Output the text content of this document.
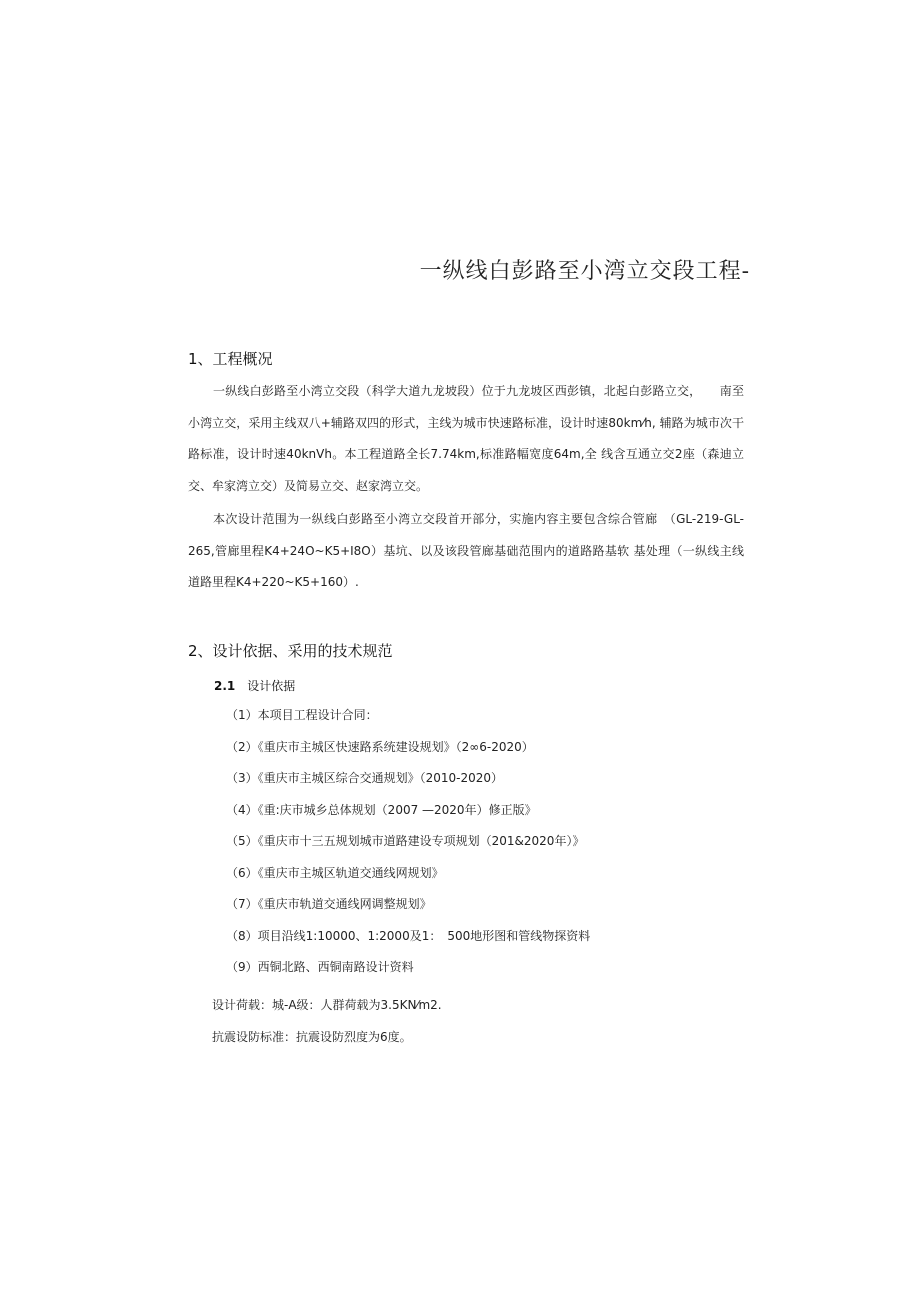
一纵线白彭路至小湾立交段工程-
1、工程概况

一纵线白彭路至小湾立交段（科学大道九龙坡段）位于九龙坡区西彭镇，北起白彭路立交，　　南至小湾立交，采用主线双八+辅路双四的形式，主线为城市快速路标准，设计时速80km⁄h, 辅路为城市次干路标准，设计时速40knVh。本工程道路全长7.74km,标准路幅宽度64m,全 线含互通立交2座（森迪立交、牟家湾立交）及简易立交、赵家湾立交。

本次设计范围为一纵线白彭路至小湾立交段首开部分，实施内容主要包含综合管廊　（GL-219-GL-265,管廊里程K4+24O~K5+I8O）基坑、以及该段管廊基础范围内的道路路基软 基处理（一纵线主线道路里程K4+220~K5+160）.

2、设计依据、采用的技术规范
2.1 设计依据
（1）本项目工程设计合同：
（2）《重庆市主城区快速路系统建设规划》（2∞6-2020）
（3）《重庆市主城区综合交通规划》（2010-2020）
（4）《重:庆市城乡总体规划（2007 —2020年）修正版》
（5）《重庆市十三五规划城市道路建设专项规划（201&2020年）》
（6）《重庆市主城区轨道交通线网规划》
（7）《重庆市轨道交通线网调整规划》
（8）项目沿线1:10000、1:2000及1：　500地形图和管线物探资料
（9）西铜北路、西铜南路设计资料

设计荷载：城-A级：人群荷载为3.5KN⁄m2.

抗震设防标准：抗震设防烈度为6度。
